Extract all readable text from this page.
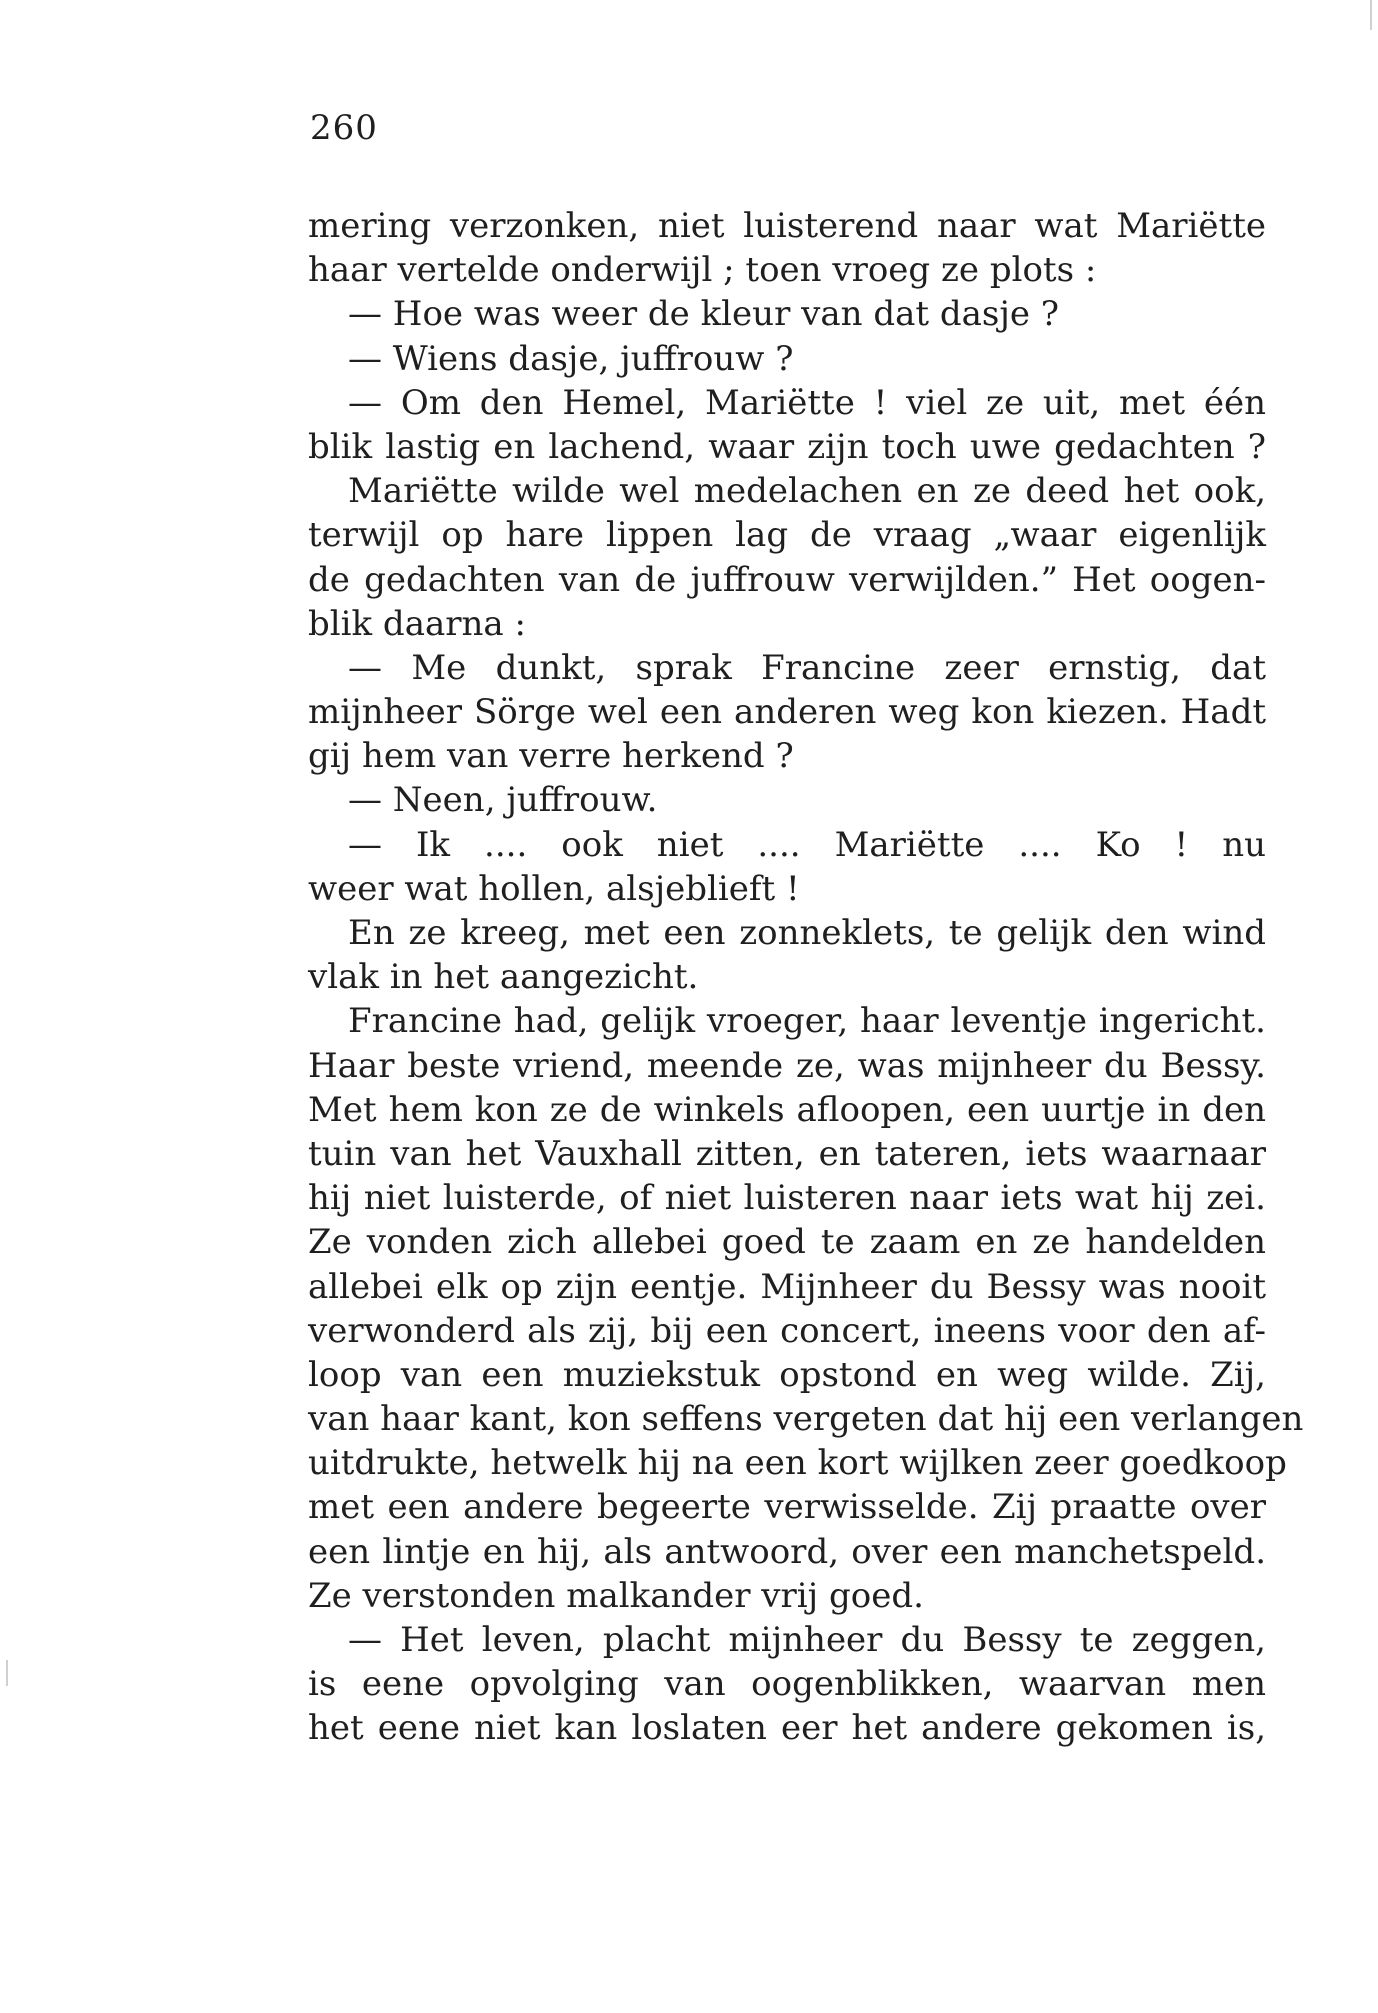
260
mering verzonken, niet luisterend naar wat Mariëtte
haar vertelde onderwijl ; toen vroeg ze plots :
— Hoe was weer de kleur van dat dasje ?
— Wiens dasje, juffrouw ?
— Om den Hemel, Mariëtte ! viel ze uit, met één
blik lastig en lachend, waar zijn toch uwe gedachten ?
Mariëtte wilde wel medelachen en ze deed het ook,
terwijl op hare lippen lag de vraag „waar eigenlijk
de gedachten van de juffrouw verwijlden.” Het oogen-
blik daarna :
— Me dunkt, sprak Francine zeer ernstig, dat
mijnheer Sörge wel een anderen weg kon kiezen. Hadt
gij hem van verre herkend ?
— Neen, juffrouw.
— Ik .... ook niet .... Mariëtte .... Ko ! nu
weer wat hollen, alsjeblieft !
En ze kreeg, met een zonneklets, te gelijk den wind
vlak in het aangezicht.
Francine had, gelijk vroeger, haar leventje ingericht.
Haar beste vriend, meende ze, was mijnheer du Bessy.
Met hem kon ze de winkels afloopen, een uurtje in den
tuin van het Vauxhall zitten, en tateren, iets waarnaar
hij niet luisterde, of niet luisteren naar iets wat hij zei.
Ze vonden zich allebei goed te zaam en ze handelden
allebei elk op zijn eentje. Mijnheer du Bessy was nooit
verwonderd als zij, bij een concert, ineens voor den af-
loop van een muziekstuk opstond en weg wilde. Zij,
van haar kant, kon seffens vergeten dat hij een verlangen
uitdrukte, hetwelk hij na een kort wijlken zeer goedkoop
met een andere begeerte verwisselde. Zij praatte over
een lintje en hij, als antwoord, over een manchetspeld.
Ze verstonden malkander vrij goed.
— Het leven, placht mijnheer du Bessy te zeggen,
is eene opvolging van oogenblikken, waarvan men
het eene niet kan loslaten eer het andere gekomen is,
